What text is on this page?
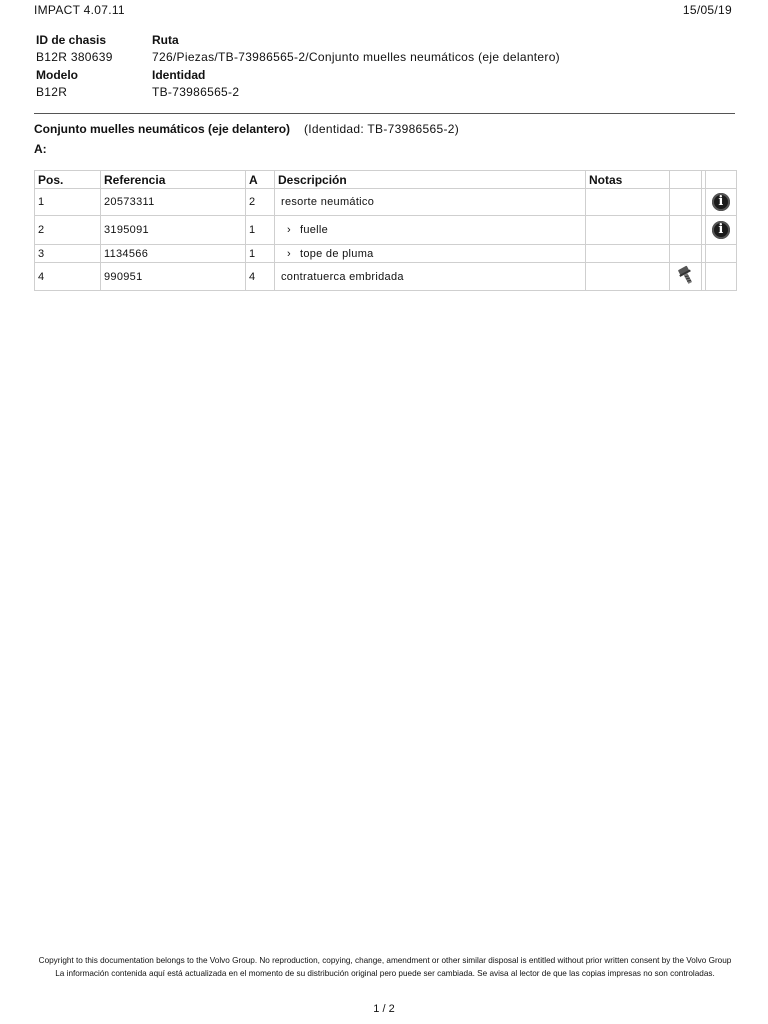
IMPACT 4.07.11	15/05/19
ID de chasis
B12R 380639
Ruta
726/Piezas/TB-73986565-2/Conjunto muelles neumáticos (eje delantero)
Modelo
B12R
Identidad
TB-73986565-2
Conjunto muelles neumáticos (eje delantero) (Identidad: TB-73986565-2)
A:
Pos.	Referencia	A	Descripción	Notas			
1	20573311	2	resorte neumático				i
2	3195091	1	› fuelle				i
3	1134566	1	› tope de pluma				
4	990951	4	contratuerca embridada				
Copyright to this documentation belongs to the Volvo Group. No reproduction, copying, change, amendment or other similar disposal is entitled without prior written consent by the Volvo Group
La información contenida aquí está actualizada en el momento de su distribución original pero puede ser cambiada. Se avisa al lector de que las copias impresas no son controladas.
1 / 2
